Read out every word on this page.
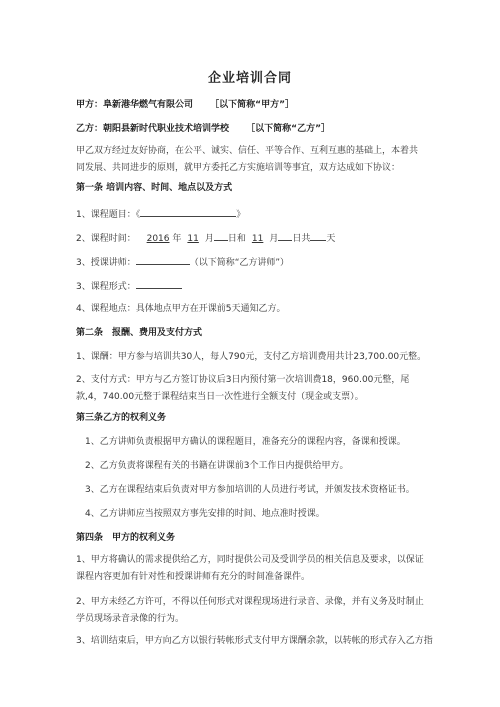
企业培训合同
甲方：阜新港华燃气有限公司 ［以下简称“甲方”］
乙方：朝阳县新时代职业技术培训学校 ［以下简称“乙方”］
甲乙双方经过友好协商，在公平、诚实、信任、平等合作、互利互惠的基础上，本着共同发展、共同进步的原则，就甲方委托乙方实施培训等事宜，双方达成如下协议：
第一条 培训内容、时间、地点以及方式
1、课程题目：《	》
2、课程时间： 2016 年 11 月 日和 11 月 日共 天
3、授课讲师：	（以下简称“乙方讲师”）
3、课程形式：
4、课程地点：具体地点甲方在开课前5天通知乙方。
第二条　报酬、费用及支付方式
1、课酬：甲方参与培训共30人，每人790元，支付乙方培训费用共计23,700.00元整。
2、支付方式：甲方与乙方签订协议后3日内预付第一次培训费18，960.00元整，尾款,4，740.00元整于课程结束当日一次性进行全额支付（现金或支票）。
第三条乙方的权利义务
1、乙方讲师负责根据甲方确认的课程题目，准备充分的课程内容，备课和授课。
2、乙方负责将课程有关的书籍在讲课前3个工作日内提供给甲方。
3、乙方在课程结束后负责对甲方参加培训的人员进行考试，并颁发技术资格证书。
4、乙方讲师应当按照双方事先安排的时间、地点准时授课。
第四条　甲方的权利义务
1、甲方将确认的需求提供给乙方，同时提供公司及受训学员的相关信息及要求，以保证课程内容更加有针对性和授课讲师有充分的时间准备课件。
2、甲方未经乙方许可，不得以任何形式对课程现场进行录音、录像，并有义务及时制止学员现场录音录像的行为。
3、培训结束后，甲方向乙方以银行转帐形式支付甲方课酬余款，以转帐的形式存入乙方指
